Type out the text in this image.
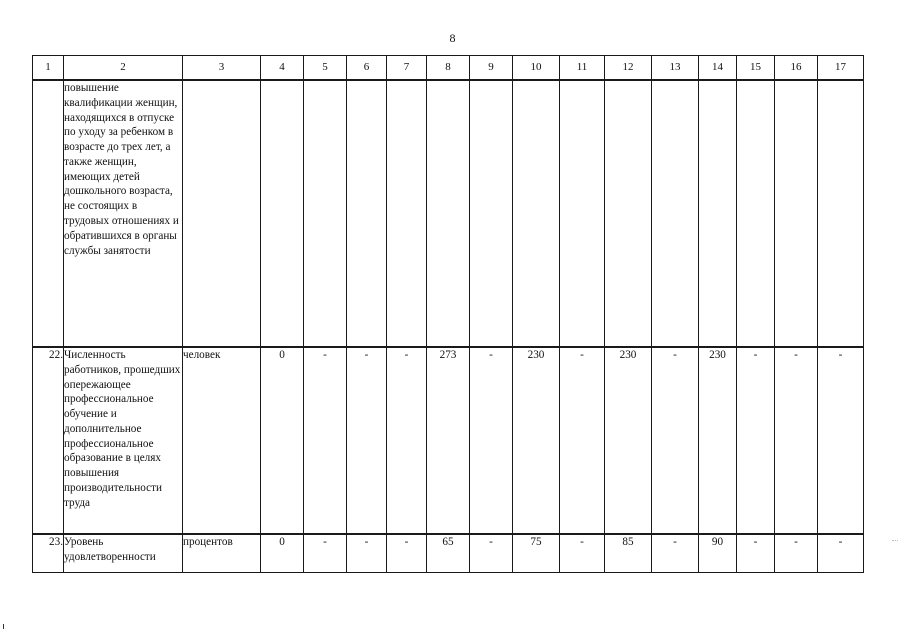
8
1	2	3	4	5	6	7	8	9	10	11	12	13	14	15	16	17
	повышение квалификации женщин, находящихся в отпуске по уходу за ребенком в возрасте до трех лет, а также женщин, имеющих детей дошкольного возраста, не состоящих в трудовых отношениях и обратившихся в органы службы занятости															
22.	Численность работников, прошедших опережающее профессиональное обучение и дополнительное профессиональное образование в целях повышения производительности труда	человек	0	-	-	-	273	-	230	-	230	-	230	-	-	-
23.	Уровень удовлетворенности	процентов	0	-	-	-	65	-	75	-	85	-	90	-	-	-
